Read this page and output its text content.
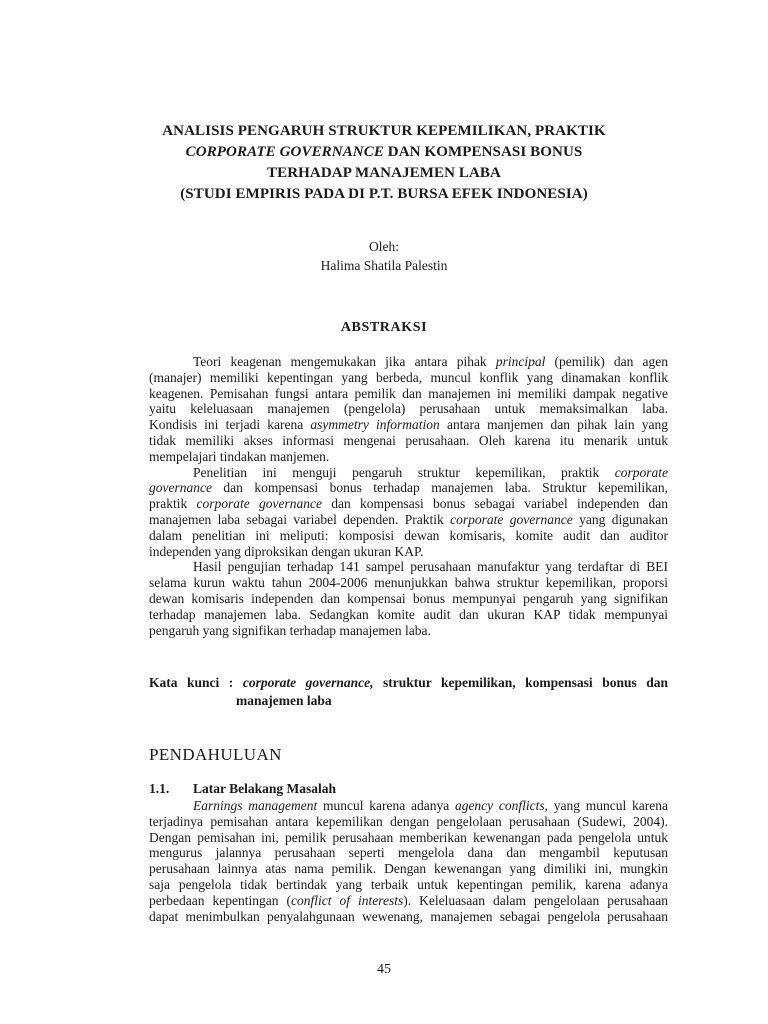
ANALISIS PENGARUH STRUKTUR KEPEMILIKAN, PRAKTIK
CORPORATE GOVERNANCE DAN KOMPENSASI BONUS
TERHADAP MANAJEMEN LABA
(STUDI EMPIRIS PADA DI P.T. BURSA EFEK INDONESIA)
Oleh:
Halima Shatila Palestin
ABSTRAKSI
Teori keagenan mengemukakan jika antara pihak principal (pemilik) dan agen
(manajer) memiliki kepentingan yang berbeda, muncul konflik yang dinamakan konflik
keagenen. Pemisahan fungsi antara pemilik dan manajemen ini memiliki dampak negative
yaitu keleluasaan manajemen (pengelola) perusahaan untuk memaksimalkan laba.
Kondisis ini terjadi karena asymmetry information antara manjemen dan pihak lain yang
tidak memiliki akses informasi mengenai perusahaan. Oleh karena itu menarik untuk
mempelajari tindakan manjemen.
Penelitian ini menguji pengaruh struktur kepemilikan, praktik corporate
governance dan kompensasi bonus terhadap manajemen laba. Struktur kepemilikan,
praktik corporate governance dan kompensasi bonus sebagai variabel independen dan
manajemen laba sebagai variabel dependen. Praktik corporate governance yang digunakan
dalam penelitian ini meliputi: komposisi dewan komisaris, komite audit dan auditor
independen yang diproksikan dengan ukuran KAP.
Hasil pengujian terhadap 141 sampel perusahaan manufaktur yang terdaftar di BEI
selama kurun waktu tahun 2004-2006 menunjukkan bahwa struktur kepemilikan, proporsi
dewan komisaris independen dan kompensai bonus mempunyai pengaruh yang signifikan
terhadap manajemen laba. Sedangkan komite audit dan ukuran KAP tidak mempunyai
pengaruh yang signifikan terhadap manajemen laba.
Kata kunci : corporate governance, struktur kepemilikan, kompensasi bonus dan
manajemen laba
PENDAHULUAN
1.1. Latar Belakang Masalah
Earnings management muncul karena adanya agency conflicts, yang muncul karena
terjadinya pemisahan antara kepemilikan dengan pengelolaan perusahaan (Sudewi, 2004).
Dengan pemisahan ini, pemilik perusahaan memberikan kewenangan pada pengelola untuk
mengurus jalannya perusahaan seperti mengelola dana dan mengambil keputusan
perusahaan lainnya atas nama pemilik. Dengan kewenangan yang dimiliki ini, mungkin
saja pengelola tidak bertindak yang terbaik untuk kepentingan pemilik, karena adanya
perbedaan kepentingan (conflict of interests). Keleluasaan dalam pengelolaan perusahaan
dapat menimbulkan penyalahgunaan wewenang, manajemen sebagai pengelola perusahaan
45
